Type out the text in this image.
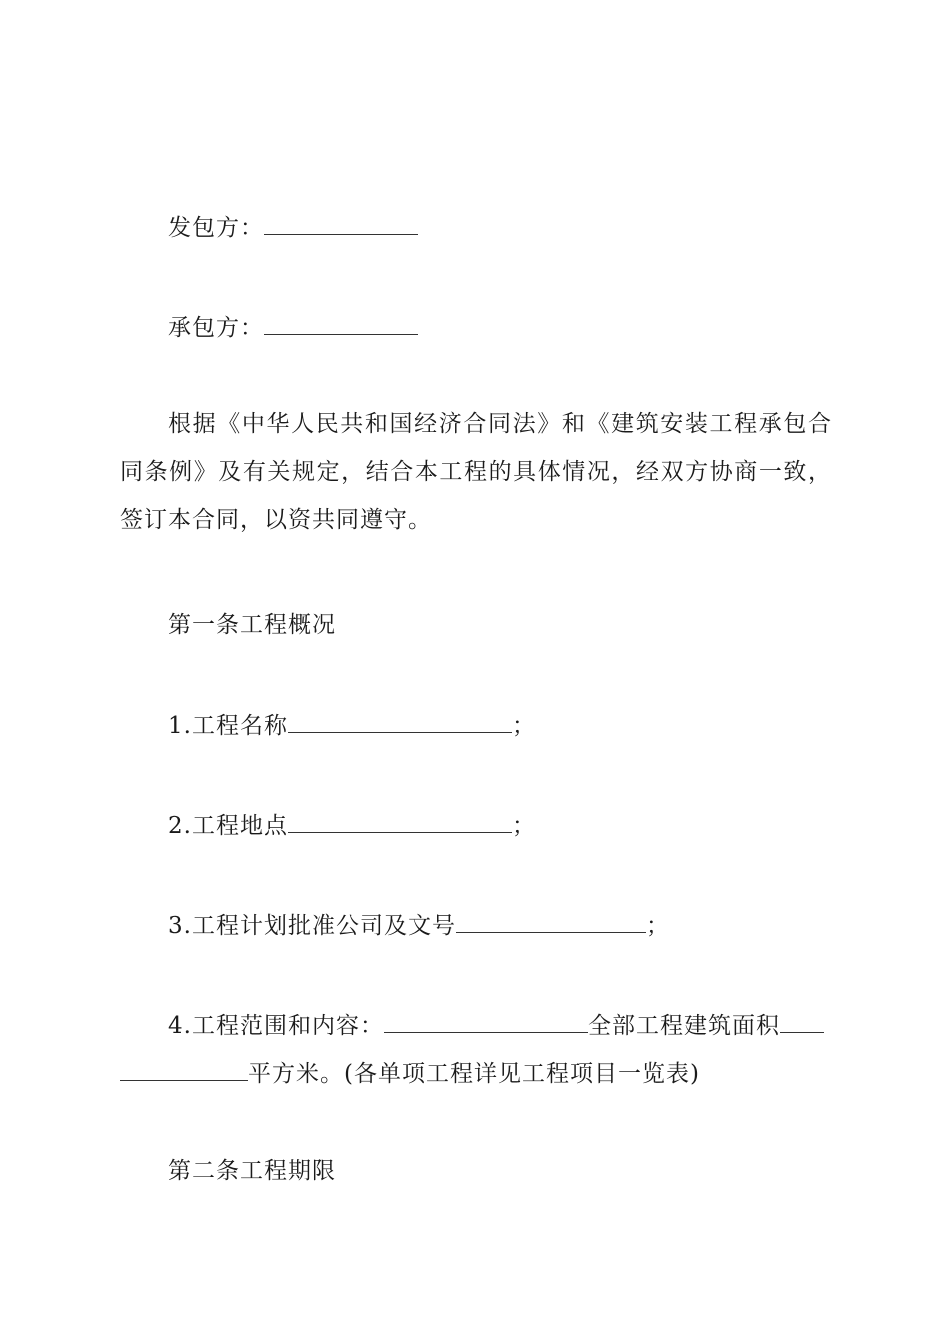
发包方：
承包方：
根据《中华人民共和国经济合同法》和《建筑安装工程承包合同条例》及有关规定，结合本工程的具体情况，经双方协商一致，签订本合同，以资共同遵守。
第一条工程概况
1.工程名称	；
2.工程地点	；
3.工程计划批准公司及文号	；
4.工程范围和内容：	全部工程建筑面积
平方米。(各单项工程详见工程项目一览表)
第二条工程期限
